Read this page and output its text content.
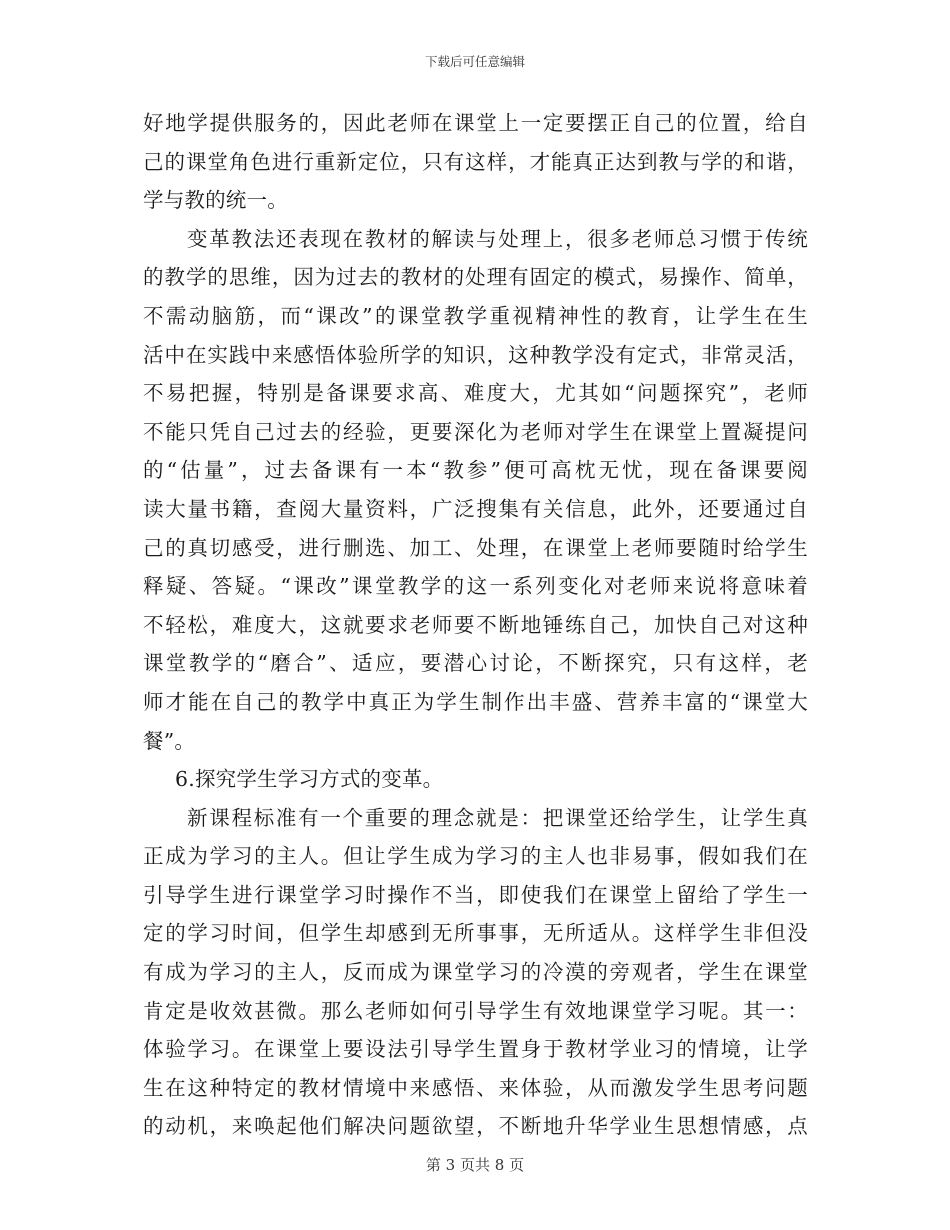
下载后可任意编辑
好地学提供服务的，因此老师在课堂上一定要摆正自己的位置，给自
己的课堂角色进行重新定位，只有这样，才能真正达到教与学的和谐，
学与教的统一。
变革教法还表现在教材的解读与处理上，很多老师总习惯于传统
的教学的思维，因为过去的教材的处理有固定的模式，易操作、简单，
不需动脑筋，而“课改”的课堂教学重视精神性的教育，让学生在生
活中在实践中来感悟体验所学的知识，这种教学没有定式，非常灵活，
不易把握，特别是备课要求高、难度大，尤其如“问题探究”，老师
不能只凭自己过去的经验，更要深化为老师对学生在课堂上置凝提问
的“估量”，过去备课有一本“教参”便可高枕无忧，现在备课要阅
读大量书籍，查阅大量资料，广泛搜集有关信息，此外，还要通过自
己的真切感受，进行删选、加工、处理，在课堂上老师要随时给学生
释疑、答疑。“课改”课堂教学的这一系列变化对老师来说将意味着
不轻松，难度大，这就要求老师要不断地锤练自己，加快自己对这种
课堂教学的“磨合”、适应，要潜心讨论，不断探究，只有这样，老
师才能在自己的教学中真正为学生制作出丰盛、营养丰富的“课堂大
餐”。
6.探究学生学习方式的变革。
新课程标准有一个重要的理念就是：把课堂还给学生，让学生真
正成为学习的主人。但让学生成为学习的主人也非易事，假如我们在
引导学生进行课堂学习时操作不当，即使我们在课堂上留给了学生一
定的学习时间，但学生却感到无所事事，无所适从。这样学生非但没
有成为学习的主人，反而成为课堂学习的冷漠的旁观者，学生在课堂
肯定是收效甚微。那么老师如何引导学生有效地课堂学习呢。其一：
体验学习。在课堂上要设法引导学生置身于教材学业习的情境，让学
生在这种特定的教材情境中来感悟、来体验，从而激发学生思考问题
的动机，来唤起他们解决问题欲望，不断地升华学业生思想情感，点
第 3 页共 8 页
